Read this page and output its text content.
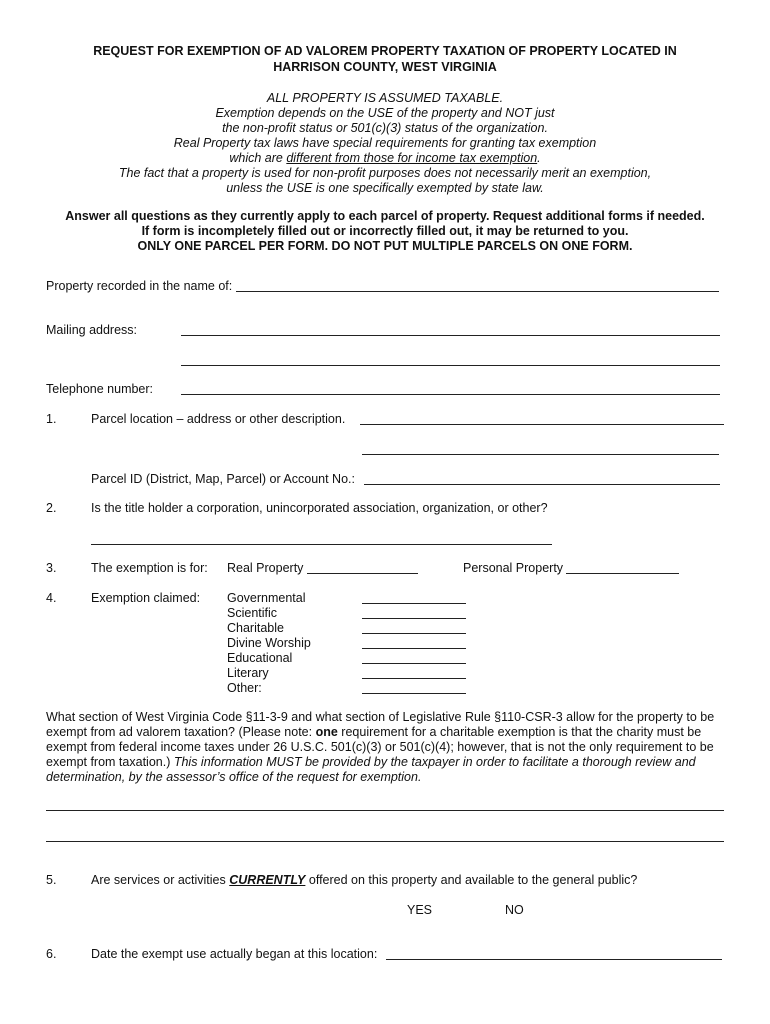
REQUEST FOR EXEMPTION OF AD VALOREM PROPERTY TAXATION OF PROPERTY LOCATED IN
HARRISON COUNTY, WEST VIRGINIA
ALL PROPERTY IS ASSUMED TAXABLE.
Exemption depends on the USE of the property and NOT just
the non-profit status or 501(c)(3) status of the organization.
Real Property tax laws have special requirements for granting tax exemption
which are different from those for income tax exemption.
The fact that a property is used for non-profit purposes does not necessarily merit an exemption,
unless the USE is one specifically exempted by state law.
Answer all questions as they currently apply to each parcel of property. Request additional forms if needed.
If form is incompletely filled out or incorrectly filled out, it may be returned to you.
ONLY ONE PARCEL PER FORM. DO NOT PUT MULTIPLE PARCELS ON ONE FORM.
Property recorded in the name of:
Mailing address:
Telephone number:
1.	Parcel location – address or other description.
Parcel ID (District, Map, Parcel) or Account No.:
2.	Is the title holder a corporation, unincorporated association, organization, or other?
3.	The exemption is for: Real Property	Personal Property
4.	Exemption claimed: Governmental
Scientific
Charitable
Divine Worship
Educational
Literary
Other:
What section of West Virginia Code §11-3-9 and what section of Legislative Rule §110-CSR-3 allow for the property to be exempt from ad valorem taxation? (Please note: one requirement for a charitable exemption is that the charity must be exempt from federal income taxes under 26 U.S.C. 501(c)(3) or 501(c)(4); however, that is not the only requirement to be exempt from taxation.) This information MUST be provided by the taxpayer in order to facilitate a thorough review and determination, by the assessor’s office of the request for exemption.
5.	Are services or activities CURRENTLY offered on this property and available to the general public?
YES	NO
6.	Date the exempt use actually began at this location:
